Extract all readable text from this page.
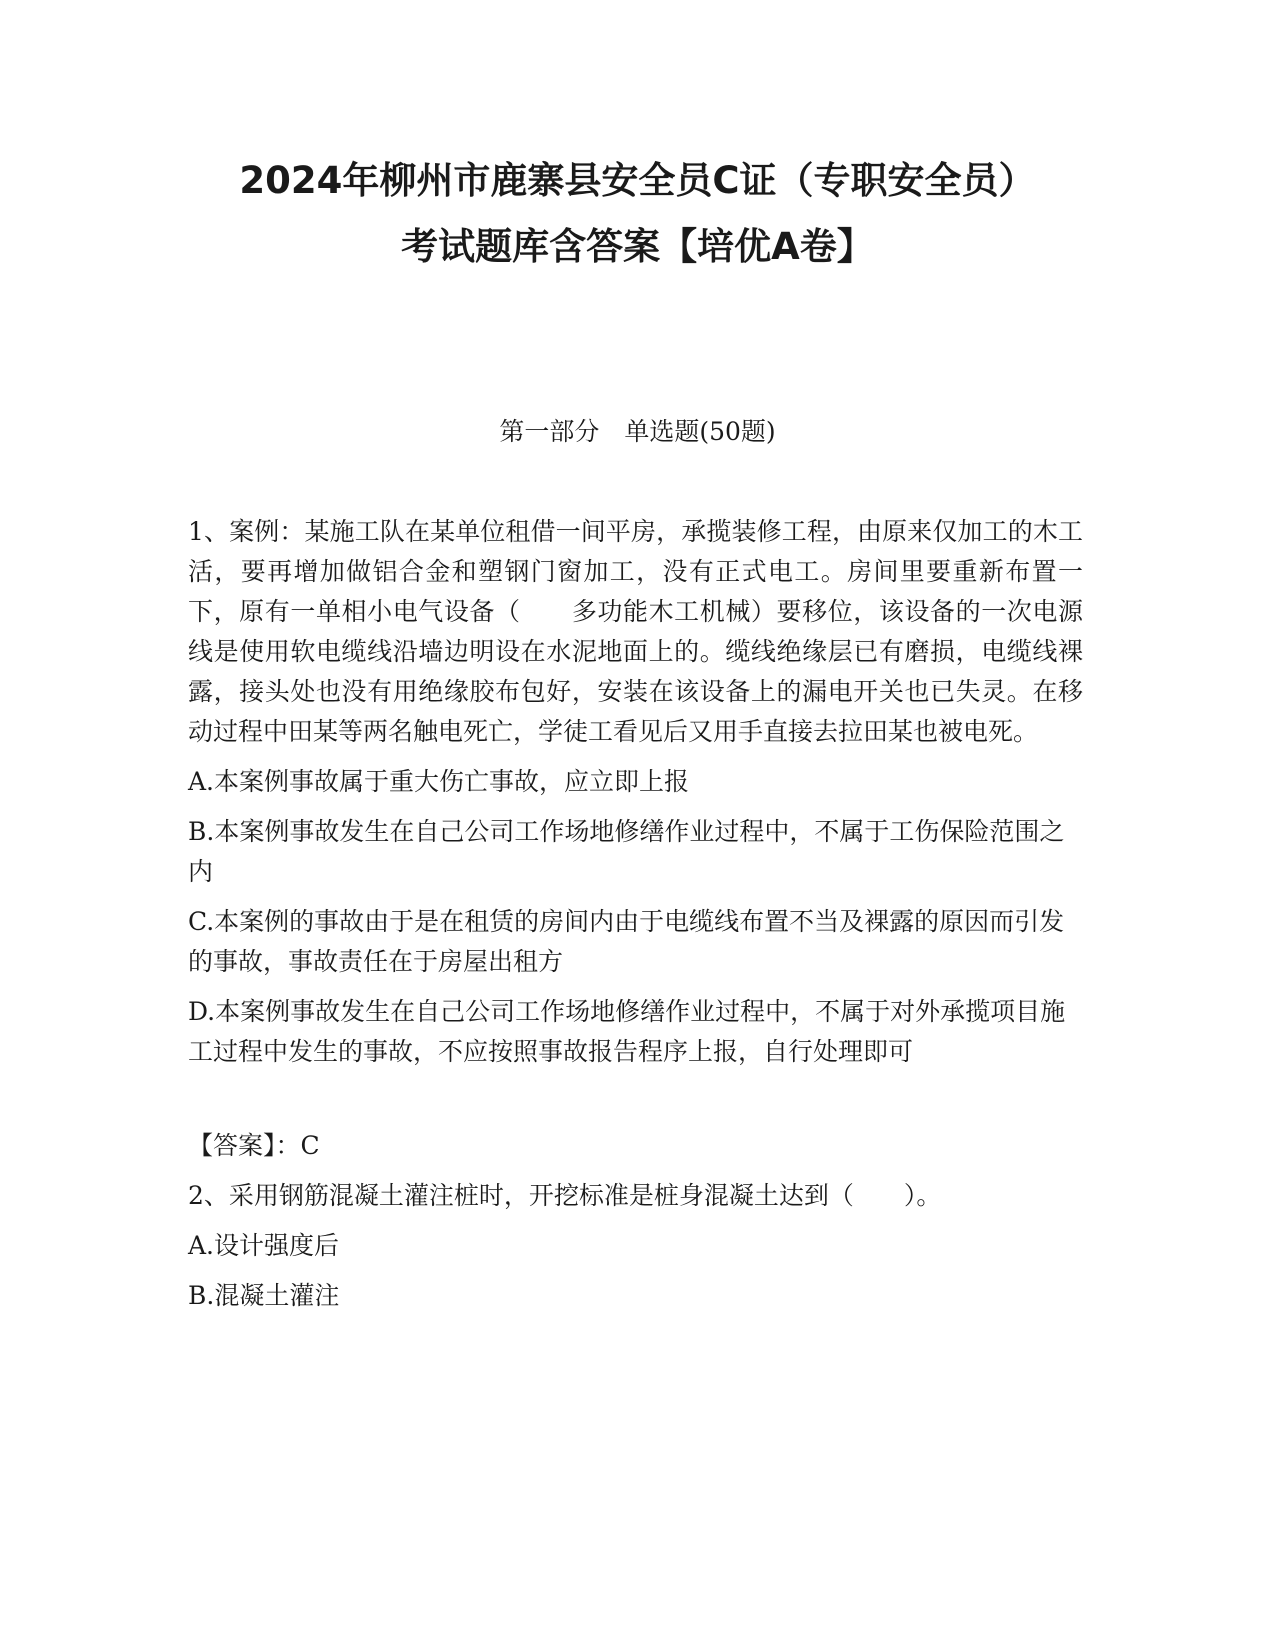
2024年柳州市鹿寨县安全员C证（专职安全员）
考试题库含答案【培优A卷】
第一部分　单选题(50题)

1、案例：某施工队在某单位租借一间平房，承揽装修工程，由原来仅加工的木工活，要再增加做铝合金和塑钢门窗加工，没有正式电工。房间里要重新布置一下，原有一单相小电气设备（　　多功能木工机械）要移位，该设备的一次电源线是使用软电缆线沿墙边明设在水泥地面上的。缆线绝缘层已有磨损，电缆线裸露，接头处也没有用绝缘胶布包好，安装在该设备上的漏电开关也已失灵。在移动过程中田某等两名触电死亡，学徒工看见后又用手直接去拉田某也被电死。

A.本案例事故属于重大伤亡事故，应立即上报

B.本案例事故发生在自己公司工作场地修缮作业过程中，不属于工伤保险范围之内

C.本案例的事故由于是在租赁的房间内由于电缆线布置不当及裸露的原因而引发的事故，事故责任在于房屋出租方

D.本案例事故发生在自己公司工作场地修缮作业过程中，不属于对外承揽项目施工过程中发生的事故，不应按照事故报告程序上报，自行处理即可

【答案】：C

2、采用钢筋混凝土灌注桩时，开挖标准是桩身混凝土达到（　　）。

A.设计强度后

B.混凝土灌注
